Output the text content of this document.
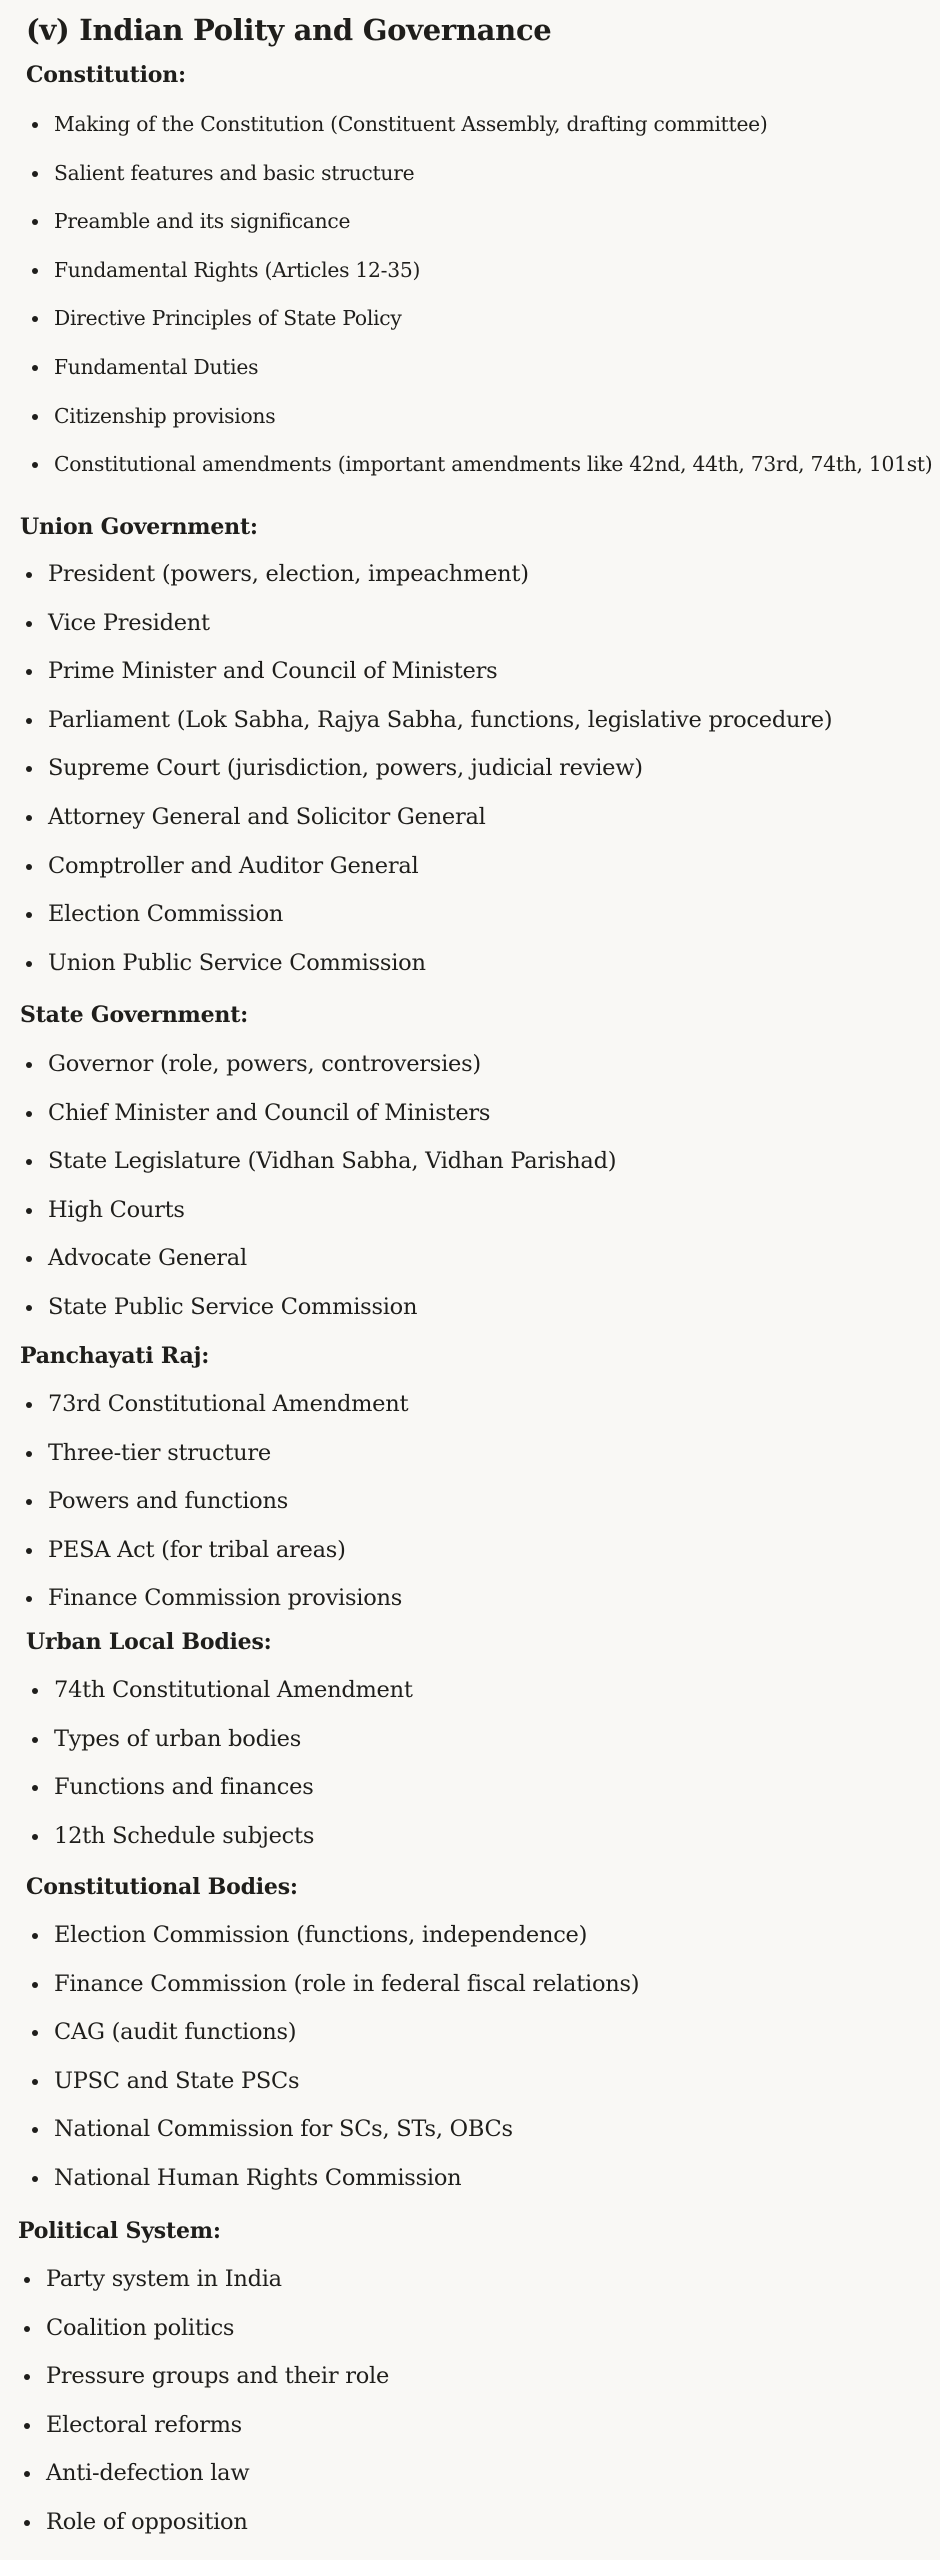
(v) Indian Polity and Governance
Constitution:
Making of the Constitution (Constituent Assembly, drafting committee)
Salient features and basic structure
Preamble and its significance
Fundamental Rights (Articles 12-35)
Directive Principles of State Policy
Fundamental Duties
Citizenship provisions
Constitutional amendments (important amendments like 42nd, 44th, 73rd, 74th, 101st)
Union Government:
President (powers, election, impeachment)
Vice President
Prime Minister and Council of Ministers
Parliament (Lok Sabha, Rajya Sabha, functions, legislative procedure)
Supreme Court (jurisdiction, powers, judicial review)
Attorney General and Solicitor General
Comptroller and Auditor General
Election Commission
Union Public Service Commission
State Government:
Governor (role, powers, controversies)
Chief Minister and Council of Ministers
State Legislature (Vidhan Sabha, Vidhan Parishad)
High Courts
Advocate General
State Public Service Commission
Panchayati Raj:
73rd Constitutional Amendment
Three-tier structure
Powers and functions
PESA Act (for tribal areas)
Finance Commission provisions
Urban Local Bodies:
74th Constitutional Amendment
Types of urban bodies
Functions and finances
12th Schedule subjects
Constitutional Bodies:
Election Commission (functions, independence)
Finance Commission (role in federal fiscal relations)
CAG (audit functions)
UPSC and State PSCs
National Commission for SCs, STs, OBCs
National Human Rights Commission
Political System:
Party system in India
Coalition politics
Pressure groups and their role
Electoral reforms
Anti-defection law
Role of opposition
